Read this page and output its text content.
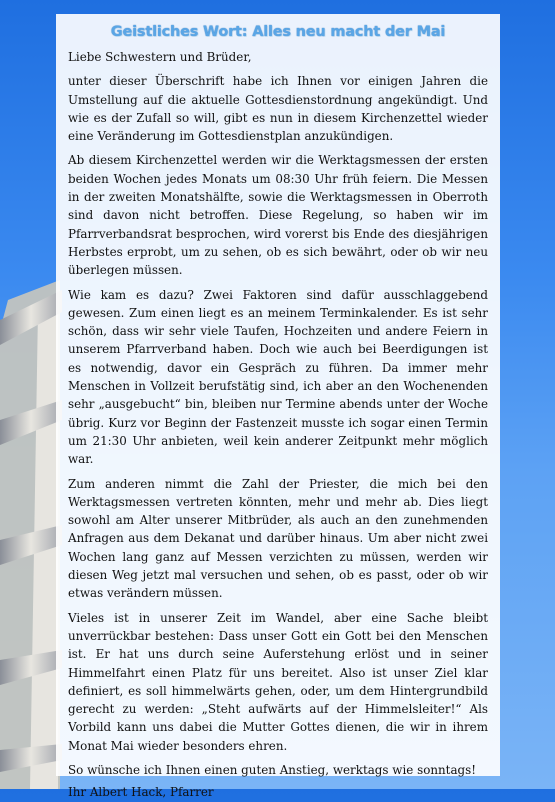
Geistliches Wort: Alles neu macht der Mai

Liebe Schwestern und Brüder,

unter dieser Überschrift habe ich Ihnen vor einigen Jahren die Umstellung auf die aktuelle Gottesdienstordnung angekündigt. Und wie es der Zufall so will, gibt es nun in diesem Kirchenzettel wieder eine Veränderung im Gottesdienstplan anzukündigen.

Ab diesem Kirchenzettel werden wir die Werktagsmessen der ersten beiden Wochen jedes Monats um 08:30 Uhr früh feiern. Die Messen in der zweiten Monatshälfte, sowie die Werktagsmessen in Oberroth sind davon nicht betroffen. Diese Regelung, so haben wir im Pfarrverbandsrat besprochen, wird vorerst bis Ende des diesjährigen Herbstes erprobt, um zu sehen, ob es sich bewährt, oder ob wir neu überlegen müssen.

Wie kam es dazu? Zwei Faktoren sind dafür ausschlaggebend gewesen. Zum einen liegt es an meinem Terminkalender. Es ist sehr schön, dass wir sehr viele Taufen, Hochzeiten und andere Feiern in unserem Pfarrverband haben. Doch wie auch bei Beerdigungen ist es notwendig, davor ein Gespräch zu führen. Da immer mehr Menschen in Vollzeit berufstätig sind, ich aber an den Wochenenden sehr „ausgebucht“ bin, bleiben nur Termine abends unter der Woche übrig. Kurz vor Beginn der Fastenzeit musste ich sogar einen Termin um 21:30 Uhr anbieten, weil kein anderer Zeitpunkt mehr möglich war.

Zum anderen nimmt die Zahl der Priester, die mich bei den Werktagsmessen vertreten könnten, mehr und mehr ab. Dies liegt sowohl am Alter unserer Mitbrüder, als auch an den zunehmenden Anfragen aus dem Dekanat und darüber hinaus. Um aber nicht zwei Wochen lang ganz auf Messen verzichten zu müssen, werden wir diesen Weg jetzt mal versuchen und sehen, ob es passt, oder ob wir etwas verändern müssen.

Vieles ist in unserer Zeit im Wandel, aber eine Sache bleibt unverrückbar bestehen: Dass unser Gott ein Gott bei den Menschen ist. Er hat uns durch seine Auferstehung erlöst und in seiner Himmelfahrt einen Platz für uns bereitet. Also ist unser Ziel klar definiert, es soll himmelwärts gehen, oder, um dem Hintergrundbild gerecht zu werden: „Steht aufwärts auf der Himmelsleiter!“ Als Vorbild kann uns dabei die Mutter Gottes dienen, die wir in ihrem Monat Mai wieder besonders ehren.

So wünsche ich Ihnen einen guten Anstieg, werktags wie sonntags!

Ihr Albert Hack, Pfarrer
